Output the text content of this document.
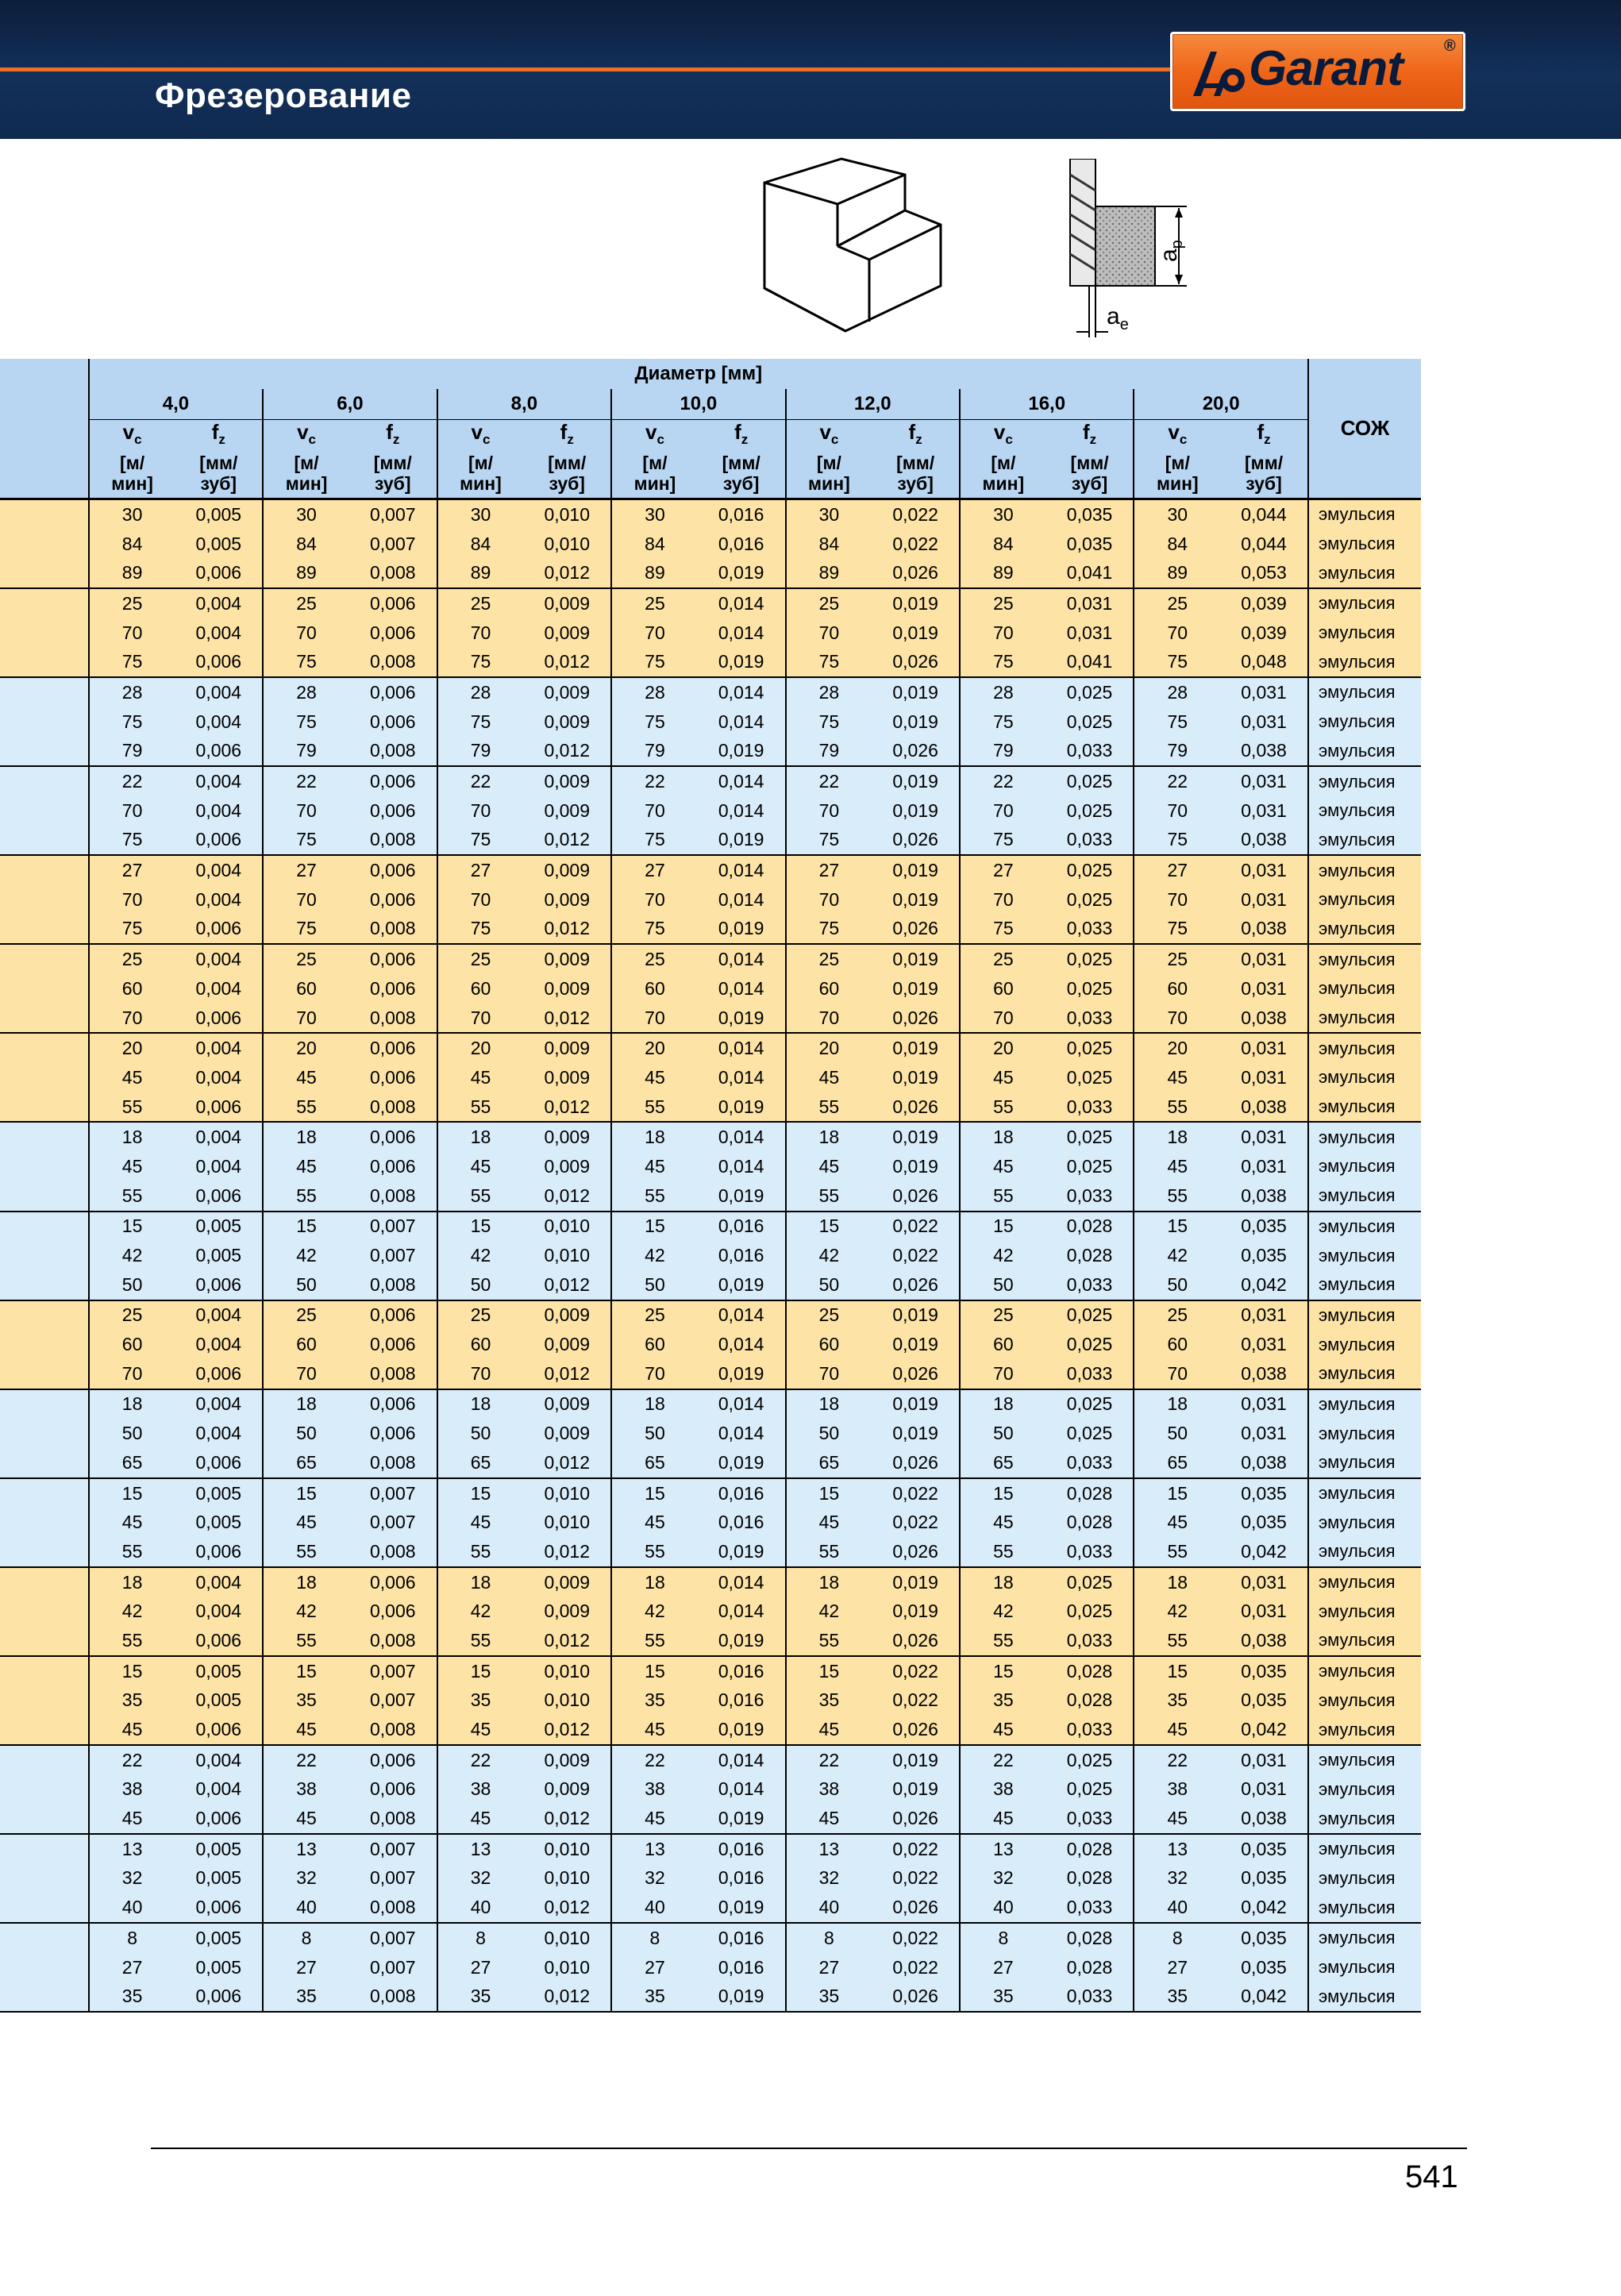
Фрезерование	Garant	®
$a_p$
$a_e$
	Диаметр [мм]														СОЖ
	4,0		6,0		8,0		10,0		12,0		16,0		20,0		
	$v_c$	$f_z$	$v_c$	$f_z$	$v_c$	$f_z$	$v_c$	$f_z$	$v_c$	$f_z$	$v_c$	$f_z$	$v_c$	$f_z$
	[м/
мин]	[мм/
зуб]	[м/
мин]	[мм/
зуб]	[м/
мин]	[мм/
зуб]	[м/
мин]	[мм/
зуб]	[м/
мин]	[мм/
зуб]	[м/
мин]	[мм/
зуб]	[м/
мин]	[мм/
зуб]	
	30	0,005	30	0,007	30	0,010	30	0,016	30	0,022	30	0,035	30	0,044	эмульсия
	84	0,005	84	0,007	84	0,010	84	0,016	84	0,022	84	0,035	84	0,044	эмульсия
	89	0,006	89	0,008	89	0,012	89	0,019	89	0,026	89	0,041	89	0,053	эмульсия
	25	0,004	25	0,006	25	0,009	25	0,014	25	0,019	25	0,031	25	0,039	эмульсия
	70	0,004	70	0,006	70	0,009	70	0,014	70	0,019	70	0,031	70	0,039	эмульсия
	75	0,006	75	0,008	75	0,012	75	0,019	75	0,026	75	0,041	75	0,048	эмульсия
	28	0,004	28	0,006	28	0,009	28	0,014	28	0,019	28	0,025	28	0,031	эмульсия
	75	0,004	75	0,006	75	0,009	75	0,014	75	0,019	75	0,025	75	0,031	эмульсия
	79	0,006	79	0,008	79	0,012	79	0,019	79	0,026	79	0,033	79	0,038	эмульсия
	22	0,004	22	0,006	22	0,009	22	0,014	22	0,019	22	0,025	22	0,031	эмульсия
	70	0,004	70	0,006	70	0,009	70	0,014	70	0,019	70	0,025	70	0,031	эмульсия
	75	0,006	75	0,008	75	0,012	75	0,019	75	0,026	75	0,033	75	0,038	эмульсия
	27	0,004	27	0,006	27	0,009	27	0,014	27	0,019	27	0,025	27	0,031	эмульсия
	70	0,004	70	0,006	70	0,009	70	0,014	70	0,019	70	0,025	70	0,031	эмульсия
	75	0,006	75	0,008	75	0,012	75	0,019	75	0,026	75	0,033	75	0,038	эмульсия
	25	0,004	25	0,006	25	0,009	25	0,014	25	0,019	25	0,025	25	0,031	эмульсия
	60	0,004	60	0,006	60	0,009	60	0,014	60	0,019	60	0,025	60	0,031	эмульсия
	70	0,006	70	0,008	70	0,012	70	0,019	70	0,026	70	0,033	70	0,038	эмульсия
	20	0,004	20	0,006	20	0,009	20	0,014	20	0,019	20	0,025	20	0,031	эмульсия
	45	0,004	45	0,006	45	0,009	45	0,014	45	0,019	45	0,025	45	0,031	эмульсия
	55	0,006	55	0,008	55	0,012	55	0,019	55	0,026	55	0,033	55	0,038	эмульсия
	18	0,004	18	0,006	18	0,009	18	0,014	18	0,019	18	0,025	18	0,031	эмульсия
	45	0,004	45	0,006	45	0,009	45	0,014	45	0,019	45	0,025	45	0,031	эмульсия
	55	0,006	55	0,008	55	0,012	55	0,019	55	0,026	55	0,033	55	0,038	эмульсия
	15	0,005	15	0,007	15	0,010	15	0,016	15	0,022	15	0,028	15	0,035	эмульсия
	42	0,005	42	0,007	42	0,010	42	0,016	42	0,022	42	0,028	42	0,035	эмульсия
	50	0,006	50	0,008	50	0,012	50	0,019	50	0,026	50	0,033	50	0,042	эмульсия
	25	0,004	25	0,006	25	0,009	25	0,014	25	0,019	25	0,025	25	0,031	эмульсия
	60	0,004	60	0,006	60	0,009	60	0,014	60	0,019	60	0,025	60	0,031	эмульсия
	70	0,006	70	0,008	70	0,012	70	0,019	70	0,026	70	0,033	70	0,038	эмульсия
	18	0,004	18	0,006	18	0,009	18	0,014	18	0,019	18	0,025	18	0,031	эмульсия
	50	0,004	50	0,006	50	0,009	50	0,014	50	0,019	50	0,025	50	0,031	эмульсия
	65	0,006	65	0,008	65	0,012	65	0,019	65	0,026	65	0,033	65	0,038	эмульсия
	15	0,005	15	0,007	15	0,010	15	0,016	15	0,022	15	0,028	15	0,035	эмульсия
	45	0,005	45	0,007	45	0,010	45	0,016	45	0,022	45	0,028	45	0,035	эмульсия
	55	0,006	55	0,008	55	0,012	55	0,019	55	0,026	55	0,033	55	0,042	эмульсия
	18	0,004	18	0,006	18	0,009	18	0,014	18	0,019	18	0,025	18	0,031	эмульсия
	42	0,004	42	0,006	42	0,009	42	0,014	42	0,019	42	0,025	42	0,031	эмульсия
	55	0,006	55	0,008	55	0,012	55	0,019	55	0,026	55	0,033	55	0,038	эмульсия
	15	0,005	15	0,007	15	0,010	15	0,016	15	0,022	15	0,028	15	0,035	эмульсия
	35	0,005	35	0,007	35	0,010	35	0,016	35	0,022	35	0,028	35	0,035	эмульсия
	45	0,006	45	0,008	45	0,012	45	0,019	45	0,026	45	0,033	45	0,042	эмульсия
	22	0,004	22	0,006	22	0,009	22	0,014	22	0,019	22	0,025	22	0,031	эмульсия
	38	0,004	38	0,006	38	0,009	38	0,014	38	0,019	38	0,025	38	0,031	эмульсия
	45	0,006	45	0,008	45	0,012	45	0,019	45	0,026	45	0,033	45	0,038	эмульсия
	13	0,005	13	0,007	13	0,010	13	0,016	13	0,022	13	0,028	13	0,035	эмульсия
	32	0,005	32	0,007	32	0,010	32	0,016	32	0,022	32	0,028	32	0,035	эмульсия
	40	0,006	40	0,008	40	0,012	40	0,019	40	0,026	40	0,033	40	0,042	эмульсия
	8	0,005	8	0,007	8	0,010	8	0,016	8	0,022	8	0,028	8	0,035	эмульсия
	27	0,005	27	0,007	27	0,010	27	0,016	27	0,022	27	0,028	27	0,035	эмульсия
	35	0,006	35	0,008	35	0,012	35	0,019	35	0,026	35	0,033	35	0,042	эмульсия
541
